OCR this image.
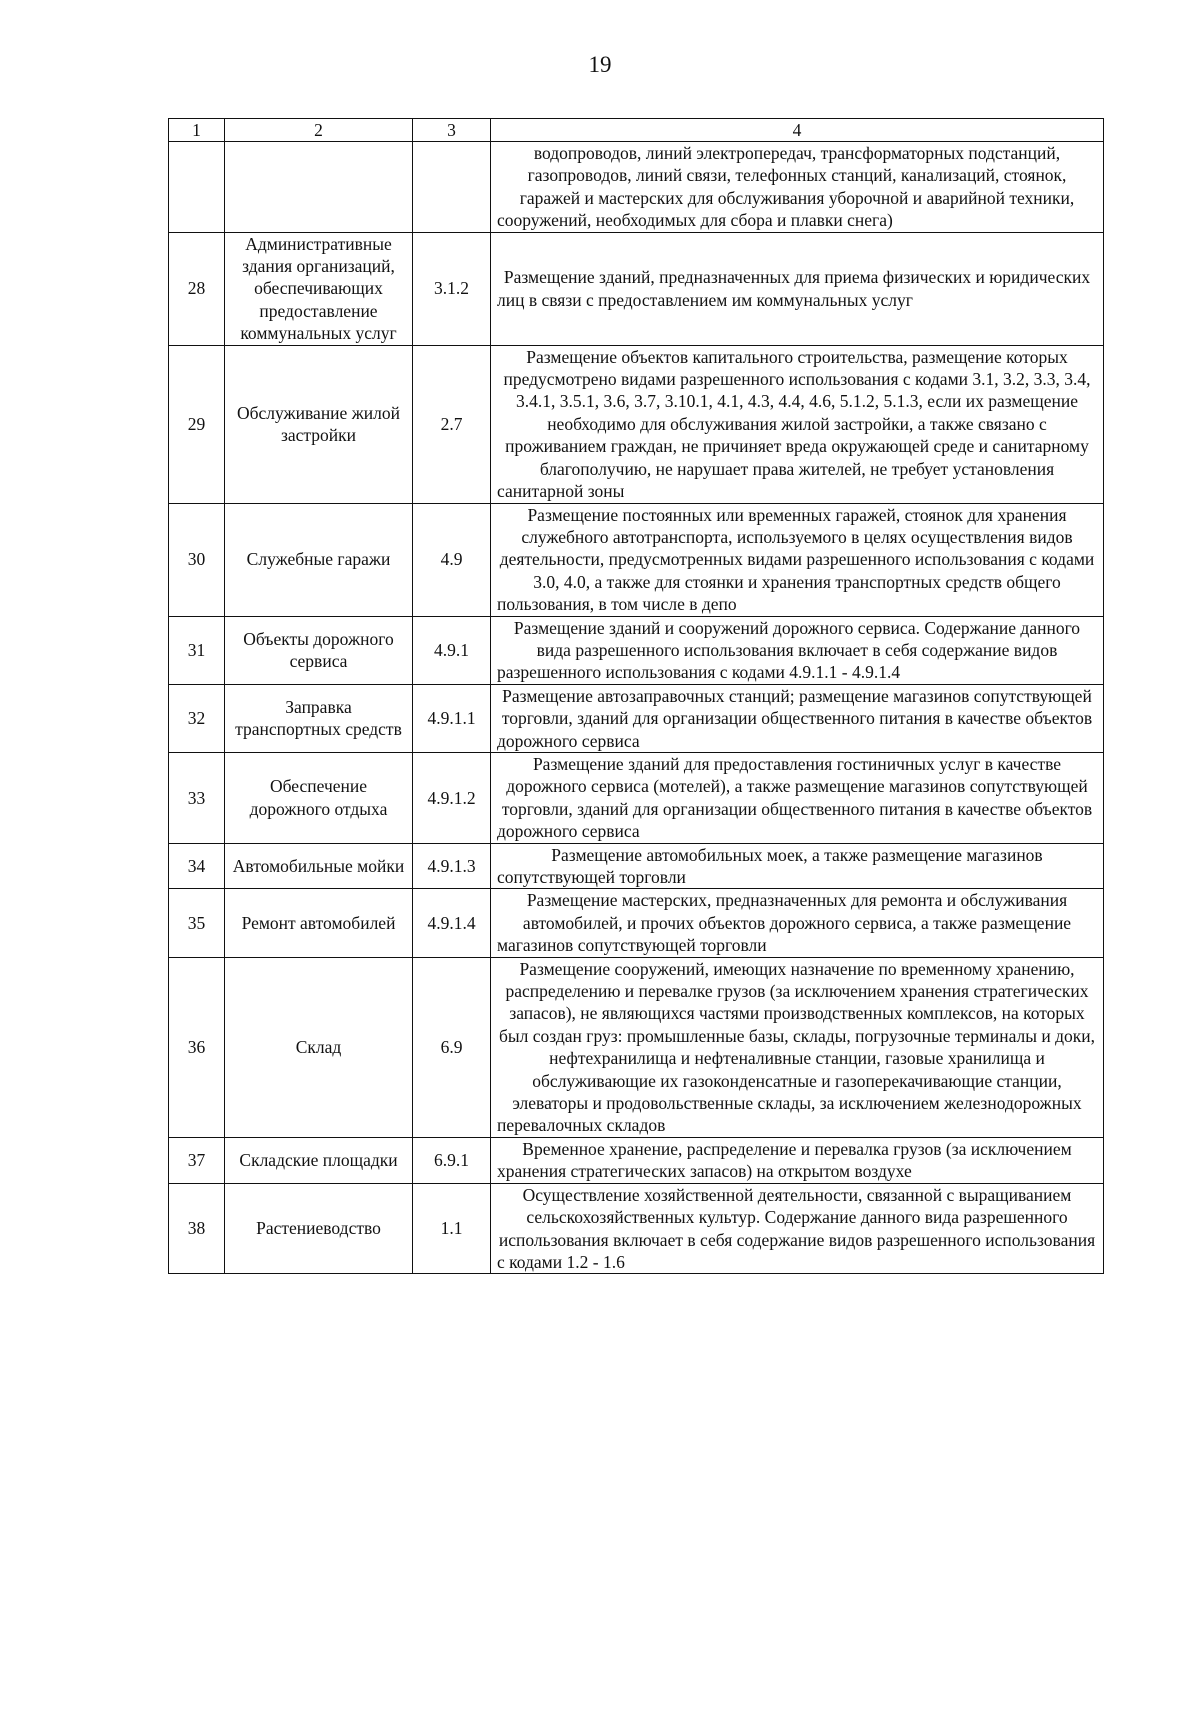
19
1	2	3	4
			водопроводов, линий электропередач, трансформаторных подстанций, газопроводов, линий связи, телефонных станций, канализаций, стоянок, гаражей и мастерских для обслуживания уборочной и аварийной техники, сооружений, необходимых для сбора и плавки снега)
28	Административные здания организаций, обеспечивающих предоставление коммунальных услуг	3.1.2	Размещение зданий, предназначенных для приема физических и юридических лиц в связи с предоставлением им коммунальных услуг
29	Обслуживание жилой застройки	2.7	Размещение объектов капитального строительства, размещение которых предусмотрено видами разрешенного использования с кодами 3.1, 3.2, 3.3, 3.4, 3.4.1, 3.5.1, 3.6, 3.7, 3.10.1, 4.1, 4.3, 4.4, 4.6, 5.1.2, 5.1.3, если их размещение необходимо для обслуживания жилой застройки, а также связано с проживанием граждан, не причиняет вреда окружающей среде и санитарному благополучию, не нарушает права жителей, не требует установления санитарной зоны
30	Служебные гаражи	4.9	Размещение постоянных или временных гаражей, стоянок для хранения служебного автотранспорта, используемого в целях осуществления видов деятельности, предусмотренных видами разрешенного использования с кодами 3.0, 4.0, а также для стоянки и хранения транспортных средств общего пользования, в том числе в депо
31	Объекты дорожного сервиса	4.9.1	Размещение зданий и сооружений дорожного сервиса. Содержание данного вида разрешенного использования включает в себя содержание видов разрешенного использования с кодами 4.9.1.1 - 4.9.1.4
32	Заправка транспортных средств	4.9.1.1	Размещение автозаправочных станций; размещение магазинов сопутствующей торговли, зданий для организации общественного питания в качестве объектов дорожного сервиса
33	Обеспечение дорожного отдыха	4.9.1.2	Размещение зданий для предоставления гостиничных услуг в качестве дорожного сервиса (мотелей), а также размещение магазинов сопутствующей торговли, зданий для организации общественного питания в качестве объектов дорожного сервиса
34	Автомобильные мойки	4.9.1.3	Размещение автомобильных моек, а также размещение магазинов сопутствующей торговли
35	Ремонт автомобилей	4.9.1.4	Размещение мастерских, предназначенных для ремонта и обслуживания автомобилей, и прочих объектов дорожного сервиса, а также размещение магазинов сопутствующей торговли
36	Склад	6.9	Размещение сооружений, имеющих назначение по временному хранению, распределению и перевалке грузов (за исключением хранения стратегических запасов), не являющихся частями производственных комплексов, на которых был создан груз: промышленные базы, склады, погрузочные терминалы и доки, нефтехранилища и нефтеналивные станции, газовые хранилища и обслуживающие их газоконденсатные и газоперекачивающие станции, элеваторы и продовольственные склады, за исключением железнодорожных перевалочных складов
37	Складские площадки	6.9.1	Временное хранение, распределение и перевалка грузов (за исключением хранения стратегических запасов) на открытом воздухе
38	Растениеводство	1.1	Осуществление хозяйственной деятельности, связанной с выращиванием сельскохозяйственных культур. Содержание данного вида разрешенного использования включает в себя содержание видов разрешенного использования с кодами 1.2 - 1.6
